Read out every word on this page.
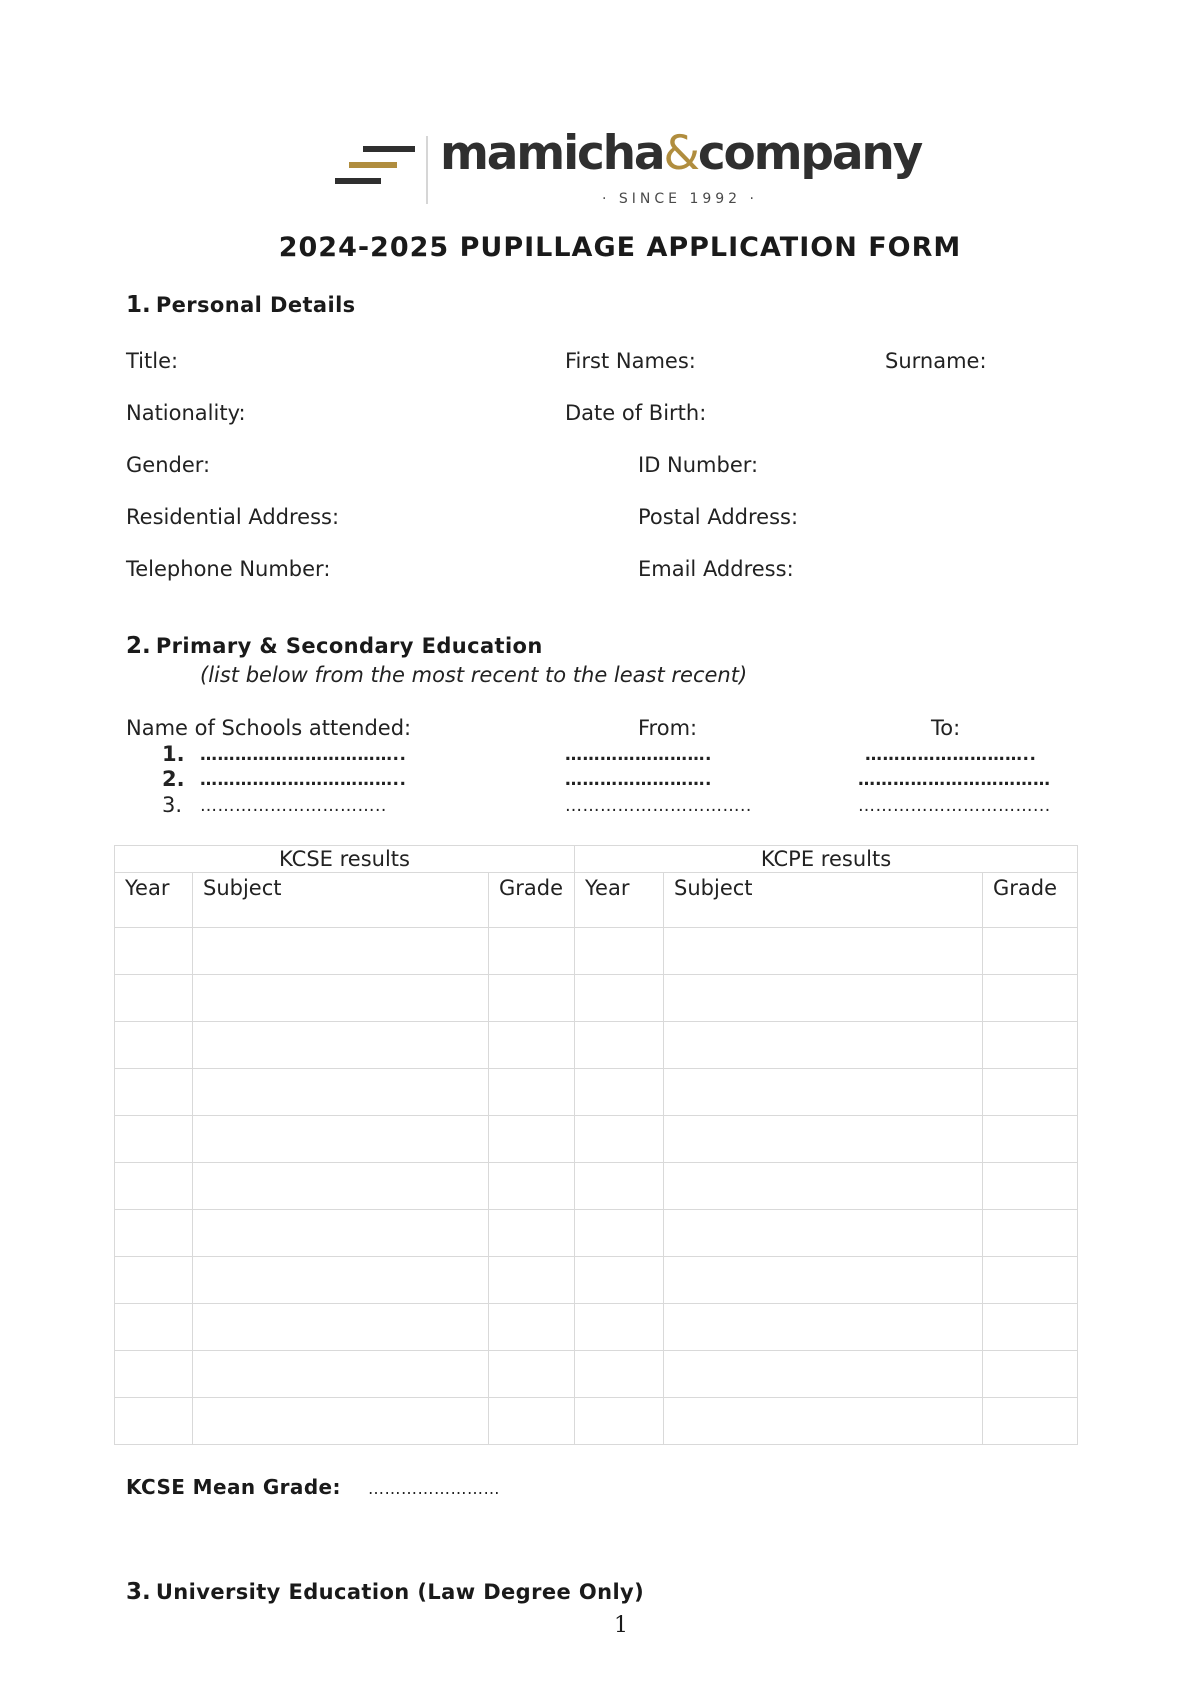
mamicha&company
· SINCE 1992 ·
2024-2025 PUPILLAGE APPLICATION FORM
1. Personal Details
Title:	First Names:	Surname:
Nationality:	Date of Birth:
Gender:	ID Number:
Residential Address:	Postal Address:
Telephone Number:	Email Address:
2. Primary & Secondary Education
(list below from the most recent to the least recent)
Name of Schools attended:	From:	To:
1. ……………………………..	…………………….	………………………..
2. ……………………………..	…………………….	……………………………
3. …………………………..	…………………………..	…………………………...
KCSE results			KCPE results		
Year	Subject	Grade	Year	Subject	Grade

KCSE Mean Grade: ……………………
3. University Education (Law Degree Only)
1
